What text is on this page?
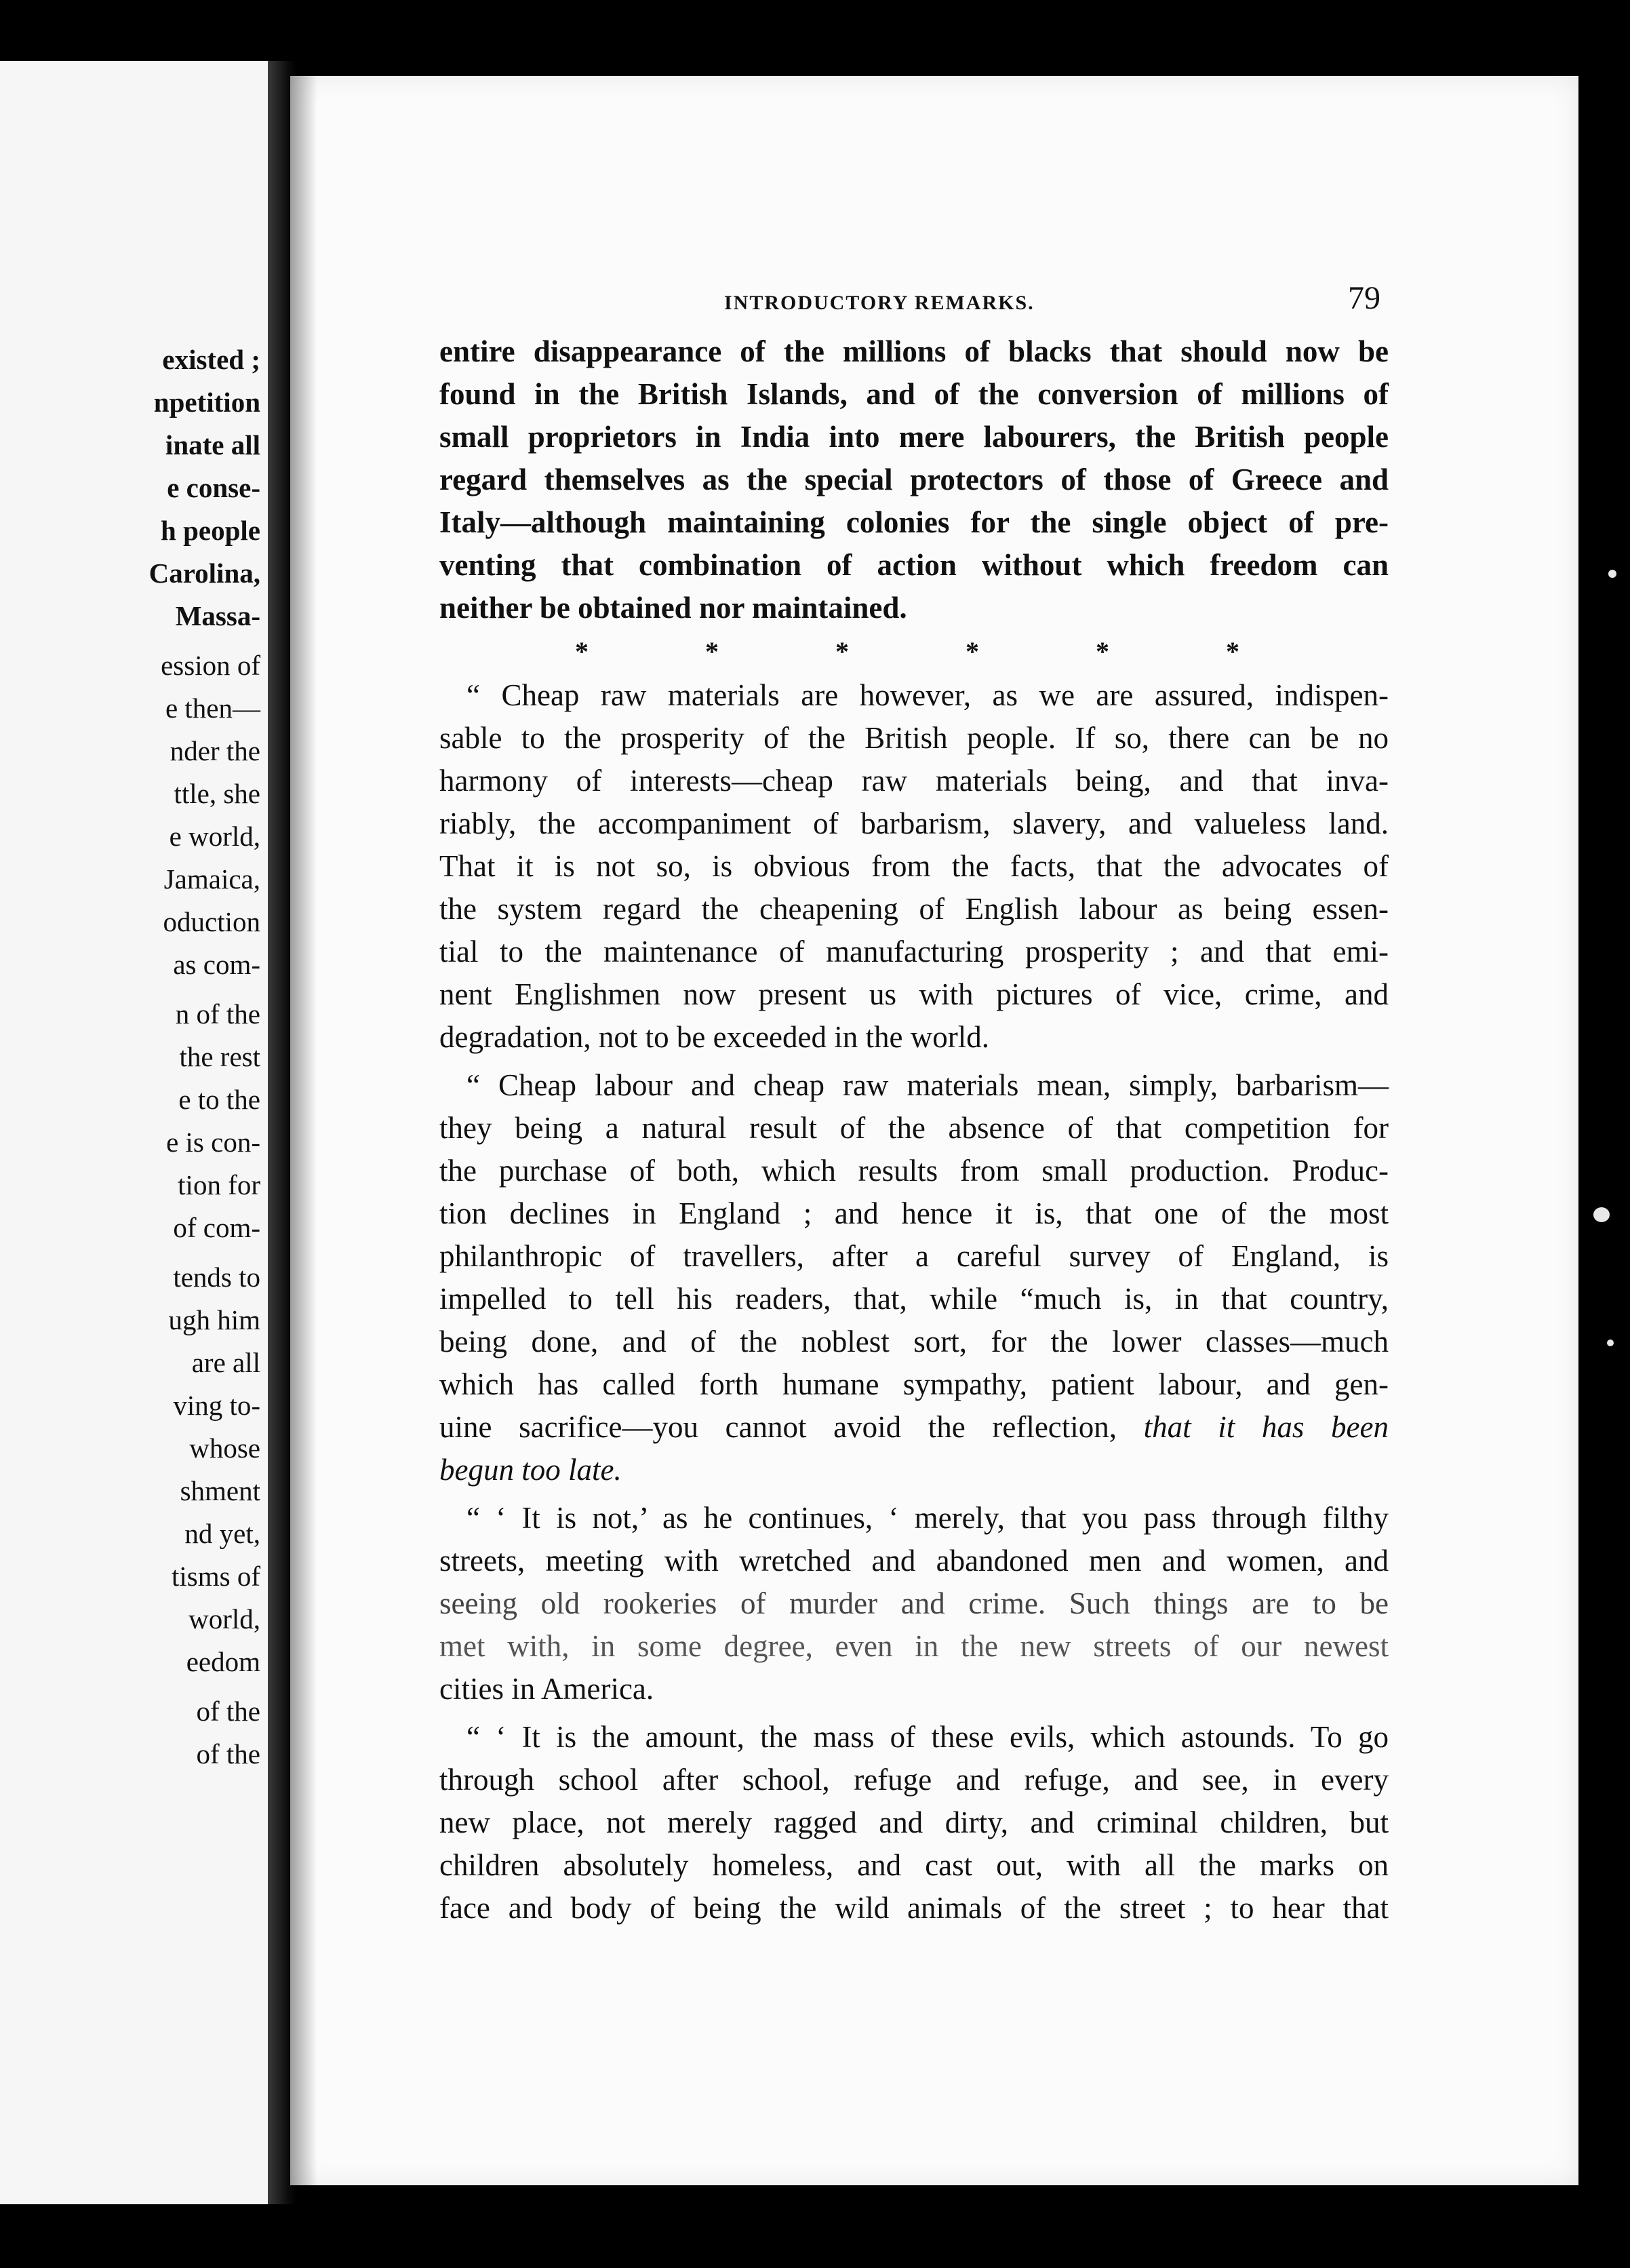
existed ;
npetition
inate all
e conse-
h people
Carolina,
Massa-
ession of
e then—
nder the
ttle, she
e world,
Jamaica,
oduction
as com-
n of the
the rest
e to the
e is con-
tion for
of com-
tends to
ugh him
are all
ving to-
whose
shment
nd yet,
tisms of
world,
eedom
of the
of the
INTRODUCTORY REMARKS.	79
entire disappearance of the millions of blacks that should now be
found in the British Islands, and of the conversion of millions of
small proprietors in India into mere labourers, the British people
regard themselves as the special protectors of those of Greece and
Italy—although maintaining colonies for the single object of pre-
venting that combination of action without which freedom can
neither be obtained nor maintained.
*	*	*	*	*	*
“ Cheap raw materials are however, as we are assured, indispen-
sable to the prosperity of the British people. If so, there can be no
harmony of interests—cheap raw materials being, and that inva-
riably, the accompaniment of barbarism, slavery, and valueless land.
That it is not so, is obvious from the facts, that the advocates of
the system regard the cheapening of English labour as being essen-
tial to the maintenance of manufacturing prosperity ; and that emi-
nent Englishmen now present us with pictures of vice, crime, and
degradation, not to be exceeded in the world.
“ Cheap labour and cheap raw materials mean, simply, barbarism—
they being a natural result of the absence of that competition for
the purchase of both, which results from small production. Produc-
tion declines in England ; and hence it is, that one of the most
philanthropic of travellers, after a careful survey of England, is
impelled to tell his readers, that, while “much is, in that country,
being done, and of the noblest sort, for the lower classes—much
which has called forth humane sympathy, patient labour, and gen-
uine sacrifice—you cannot avoid the reflection, that it has been
begun too late.
“ ‘ It is not,’ as he continues, ‘ merely, that you pass through filthy
streets, meeting with wretched and abandoned men and women, and
seeing old rookeries of murder and crime. Such things are to be
met with, in some degree, even in the new streets of our newest
cities in America.
“ ‘ It is the amount, the mass of these evils, which astounds. To go
through school after school, refuge and refuge, and see, in every
new place, not merely ragged and dirty, and criminal children, but
children absolutely homeless, and cast out, with all the marks on
face and body of being the wild animals of the street ; to hear that
